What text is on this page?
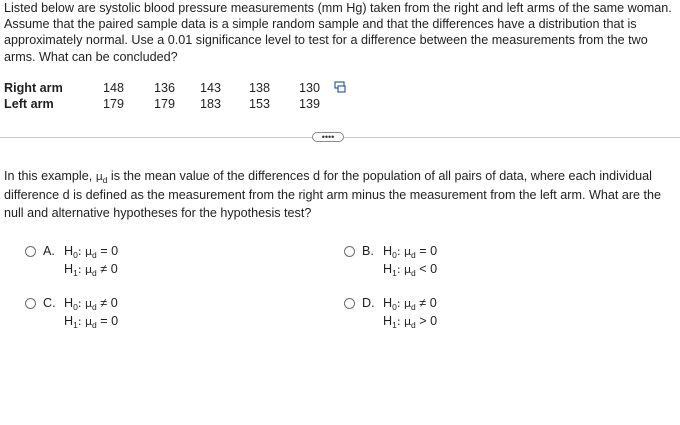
Listed below are systolic blood pressure measurements (mm Hg) taken from the right and left arms of the same woman. Assume that the paired sample data is a simple random sample and that the differences have a distribution that is approximately normal. Use a 0.01 significance level to test for a difference between the measurements from the two arms. What can be concluded?

Right arm	148	136	143	138	130	
Left arm	179	179	183	153	139	
••••

In this example, $\mu_d$ is the mean value of the differences d for the population of all pairs of data, where each individual difference d is defined as the measurement from the right arm minus the measurement from the left arm. What are the null and alternative hypotheses for the hypothesis test?

A. $H_0$: $\mu_d = 0$
$H_1$: $\mu_d \ne 0$
B. $H_0$: $\mu_d = 0$
$H_1$: $\mu_d < 0$
C. $H_0$: $\mu_d \ne 0$
$H_1$: $\mu_d = 0$
D. $H_0$: $\mu_d \ne 0$
$H_1$: $\mu_d > 0$
